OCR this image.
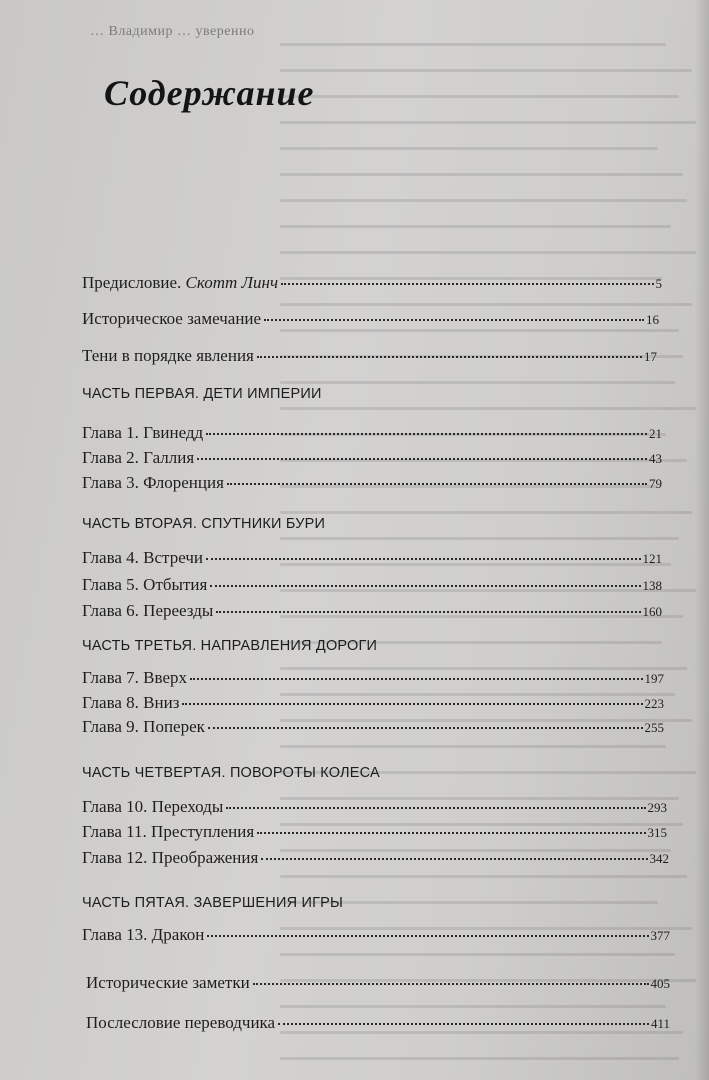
… Владимир … уверенно
Содержание
Предисловие. Скотт Линч	5
Историческое замечание	16
Тени в порядке явления	17
ЧАСТЬ ПЕРВАЯ. ДЕТИ ИМПЕРИИ
Глава 1. Гвинедд	21
Глава 2. Галлия	43
Глава 3. Флоренция	79
ЧАСТЬ ВТОРАЯ. СПУТНИКИ БУРИ
Глава 4. Встречи	121
Глава 5. Отбытия	138
Глава 6. Переезды	160
ЧАСТЬ ТРЕТЬЯ. НАПРАВЛЕНИЯ ДОРОГИ
Глава 7. Вверх	197
Глава 8. Вниз	223
Глава 9. Поперек	255
ЧАСТЬ ЧЕТВЕРТАЯ. ПОВОРОТЫ КОЛЕСА
Глава 10. Переходы	293
Глава 11. Преступления	315
Глава 12. Преображения	342
ЧАСТЬ ПЯТАЯ. ЗАВЕРШЕНИЯ ИГРЫ
Глава 13. Дракон	377
Исторические заметки	405
Послесловие переводчика	411
